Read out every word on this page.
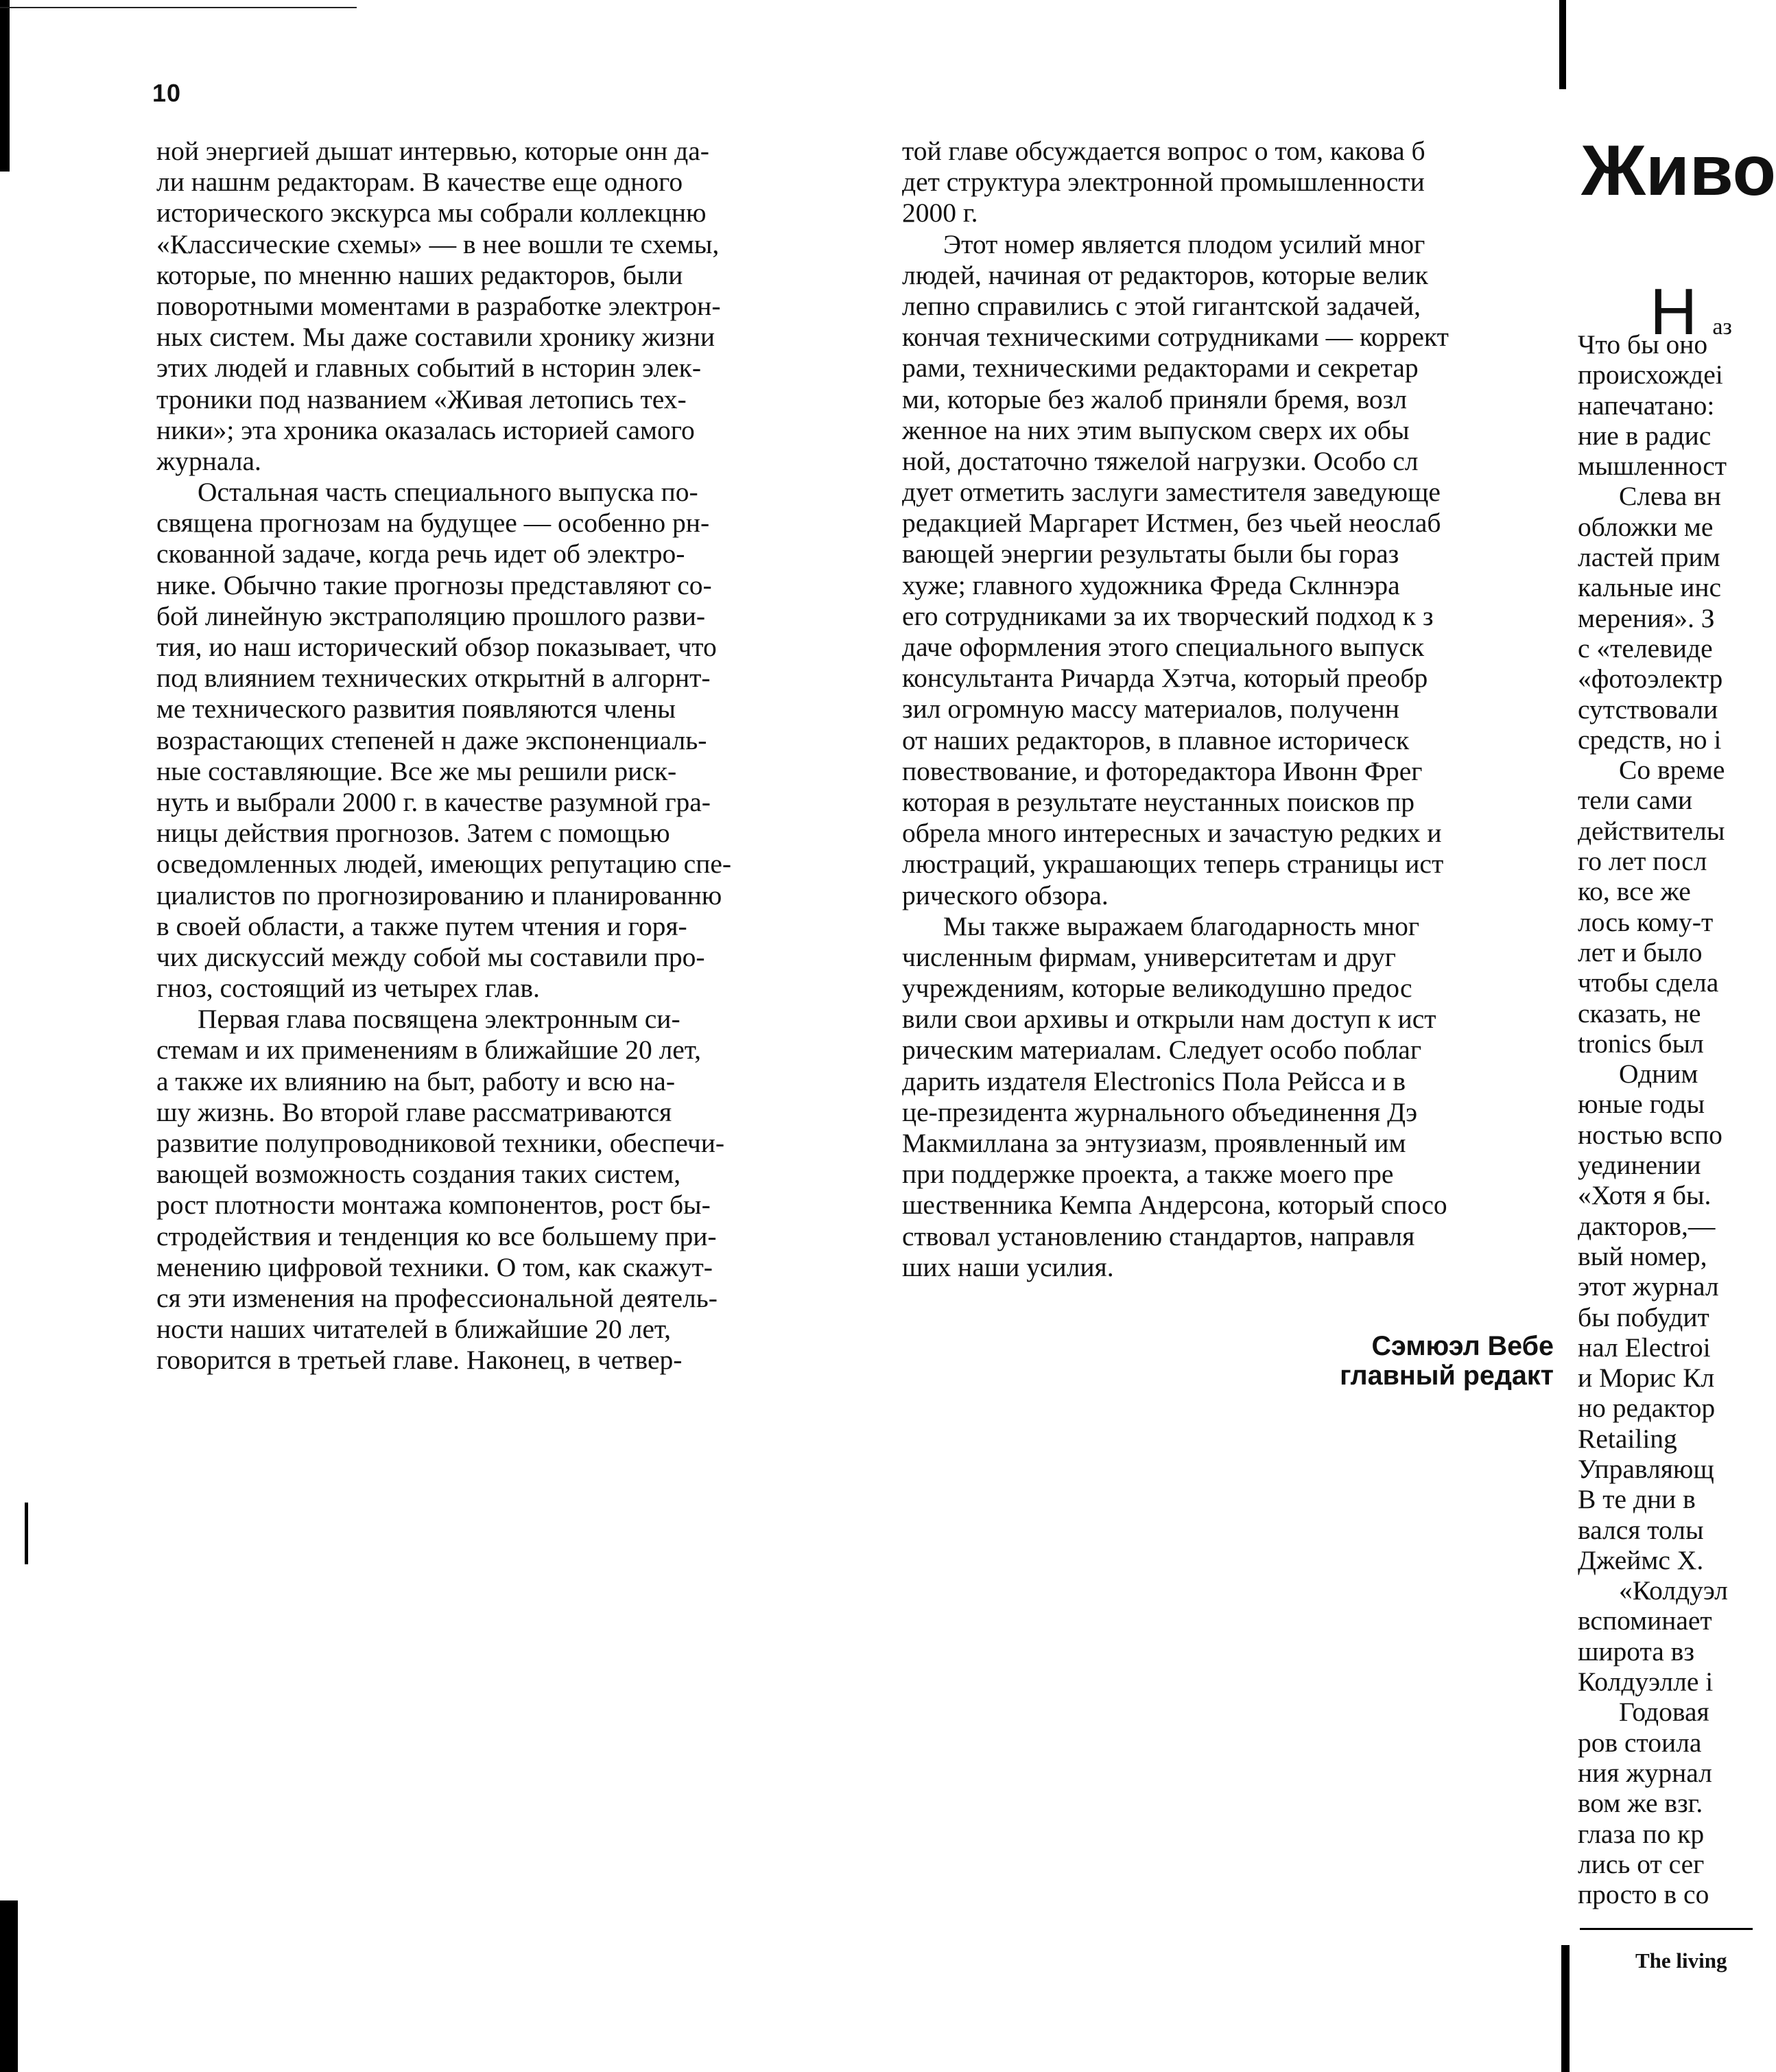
10
ной энергией дышат интервью, которые онн да-
ли нашнм редакторам. В качестве еще одного
исторического экскурса мы собрали коллекцню
«Классические схемы» — в нее вошли те схемы,
которые, по мненню наших редакторов, были
поворотными моментами в разработке электрон-
ных систем. Мы даже составили хронику жизни
этих людей и главных событий в нсторин элек-
троники под названием «Живая летопись тех-
ники»; эта хроника оказалась историей самого
журнала.
Остальная часть специального выпуска по-
священа прогнозам на будущее — особенно рн-
скованной задаче, когда речь идет об электро-
нике. Обычно такие прогнозы представляют со-
бой линейную экстраполяцию прошлого разви-
тия, ио наш исторический обзор показывает, что
под влиянием технических открытнй в алгорнт-
ме технического развития появляются члены
возрастающих степеней н даже экспоненциаль-
ные составляющие. Все же мы решили риск-
нуть и выбрали 2000 г. в качестве разумной гра-
ницы действия прогнозов. Затем с помощью
осведомленных людей, имеющих репутацию спе-
циалистов по прогнозированию и планированню
в своей области, а также путем чтения и горя-
чих дискуссий между собой мы составили про-
гноз, состоящий из четырех глав.
Первая глава посвящена электронным си-
стемам и их применениям в ближайшие 20 лет,
а также их влиянию на быт, работу и всю на-
шу жизнь. Во второй главе рассматриваются
развитие полупроводниковой техники, обеспечи-
вающей возможность создания таких систем,
рост плотности монтажа компонентов, рост бы-
стродействия и тенденция ко все большему при-
менению цифровой техники. О том, как скажут-
ся эти изменения на профессиональной деятель-
ности наших читателей в ближайшие 20 лет,
говорится в третьей главе. Наконец, в четвер-
той главе обсуждается вопрос о том, какова б
дет структура электронной промышленности
2000 г.
Этот номер является плодом усилий мног
людей, начиная от редакторов, которые велик
лепно справились с этой гигантской задачей,
кончая техническими сотрудниками — коррект
рами, техническими редакторами и секретар
ми, которые без жалоб приняли бремя, возл
женное на них этим выпуском сверх их обы
ной, достаточно тяжелой нагрузки. Особо сл
дует отметить заслуги заместителя заведующе
редакцией Маргарет Истмен, без чьей неослаб
вающей энергии результаты были бы гораз
хуже; главного художника Фреда Склннэра
его сотрудниками за их творческий подход к з
даче оформления этого специального выпуск
консультанта Ричарда Хэтча, который преобр
зил огромную массу материалов, полученн
от наших редакторов, в плавное историческ
повествование, и фоторедактора Ивонн Фрег
которая в результате неустанных поисков пр
обрела много интересных и зачастую редких и
люстраций, украшающих теперь страницы ист
рического обзора.
Мы также выражаем благодарность мног
численным фирмам, университетам и друг
учреждениям, которые великодушно предос
вили свои архивы и открыли нам доступ к ист
рическим материалам. Следует особо поблаг
дарить издателя Electronics Пола Рейсса и в
це-президента журнального объединення Дэ
Макмиллана за энтузиазм, проявленный им
при поддержке проекта, а также моего пре
шественника Кемпа Андерсона, который спосо
ствовал установлению стандартов, направля
ших наши усилия.
Сэмюэл Вебе
главный редакт
Живо
Наз
Что бы оно
происхождеі
напечатано:
ние в радис
мышленност
Слева вн
обложки ме
ластей прим
кальные инс
мерения». З
с «телевиде
«фотоэлектр
сутствовали
средств, но і
Со време
тели сами
действителы
го лет посл
ко, все же
лось кому-т
лет и было
чтобы сдела
сказать, не
tronics был
Одним
юные годы
ностью вспо
уединении
«Хотя я бы.
дакторов,—
вый номер,
этот журнал
бы побудит
нал Electroi
и Морис Кл
но редактор
Retailing
Управляющ
В те дни в
вался толы
Джеймс Х.
«Колдуэл
вспоминает
широта вз
Колдуэлле і
Годовая
ров стоила
ния журнал
вом же взг.
глаза по кр
лись от сег
просто в со
The living
